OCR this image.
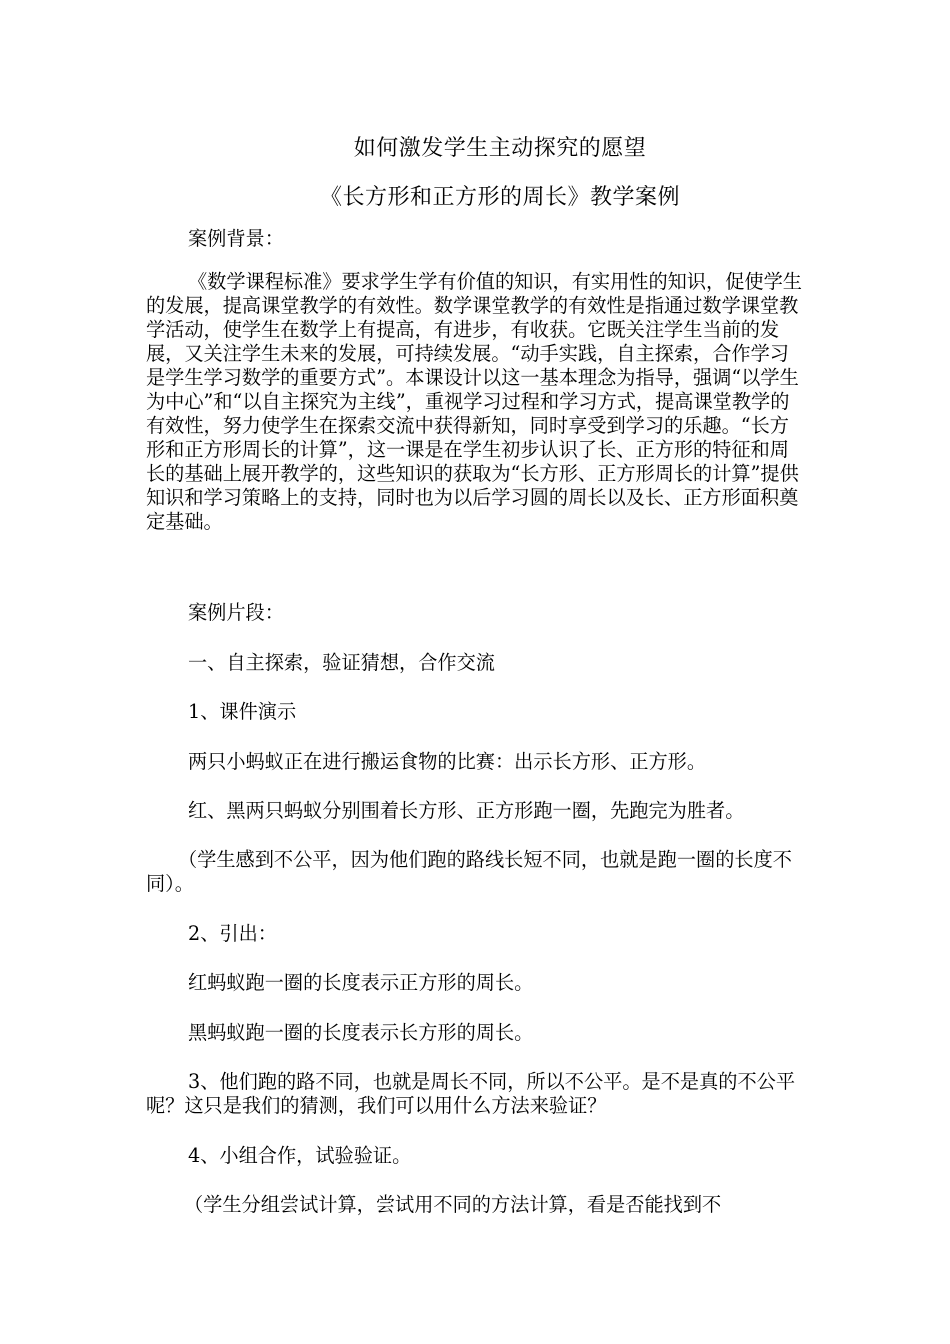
如何激发学生主动探究的愿望
《长方形和正方形的周长》教学案例

案例背景：

《数学课程标准》要求学生学有价值的知识，有实用性的知识，促使学生的发展，提高课堂教学的有效性。数学课堂教学的有效性是指通过数学课堂教学活动，使学生在数学上有提高，有进步，有收获。它既关注学生当前的发展，又关注学生未来的发展，可持续发展。“动手实践，自主探索，合作学习是学生学习数学的重要方式”。本课设计以这一基本理念为指导，强调“以学生为中心”和“以自主探究为主线”，重视学习过程和学习方式，提高课堂教学的有效性，努力使学生在探索交流中获得新知，同时享受到学习的乐趣。“长方形和正方形周长的计算”，这一课是在学生初步认识了长、正方形的特征和周长的基础上展开教学的，这些知识的获取为“长方形、正方形周长的计算”提供知识和学习策略上的支持，同时也为以后学习圆的周长以及长、正方形面积奠定基础。

案例片段：

一、自主探索，验证猜想，合作交流

1、课件演示

两只小蚂蚁正在进行搬运食物的比赛：出示长方形、正方形。

红、黑两只蚂蚁分别围着长方形、正方形跑一圈，先跑完为胜者。

（学生感到不公平，因为他们跑的路线长短不同，也就是跑一圈的长度不同）。

2、引出：

红蚂蚁跑一圈的长度表示正方形的周长。

黑蚂蚁跑一圈的长度表示长方形的周长。

3、他们跑的路不同，也就是周长不同，所以不公平。是不是真的不公平呢？这只是我们的猜测，我们可以用什么方法来验证？

4、小组合作，试验验证。

（学生分组尝试计算，尝试用不同的方法计算，看是否能找到不
